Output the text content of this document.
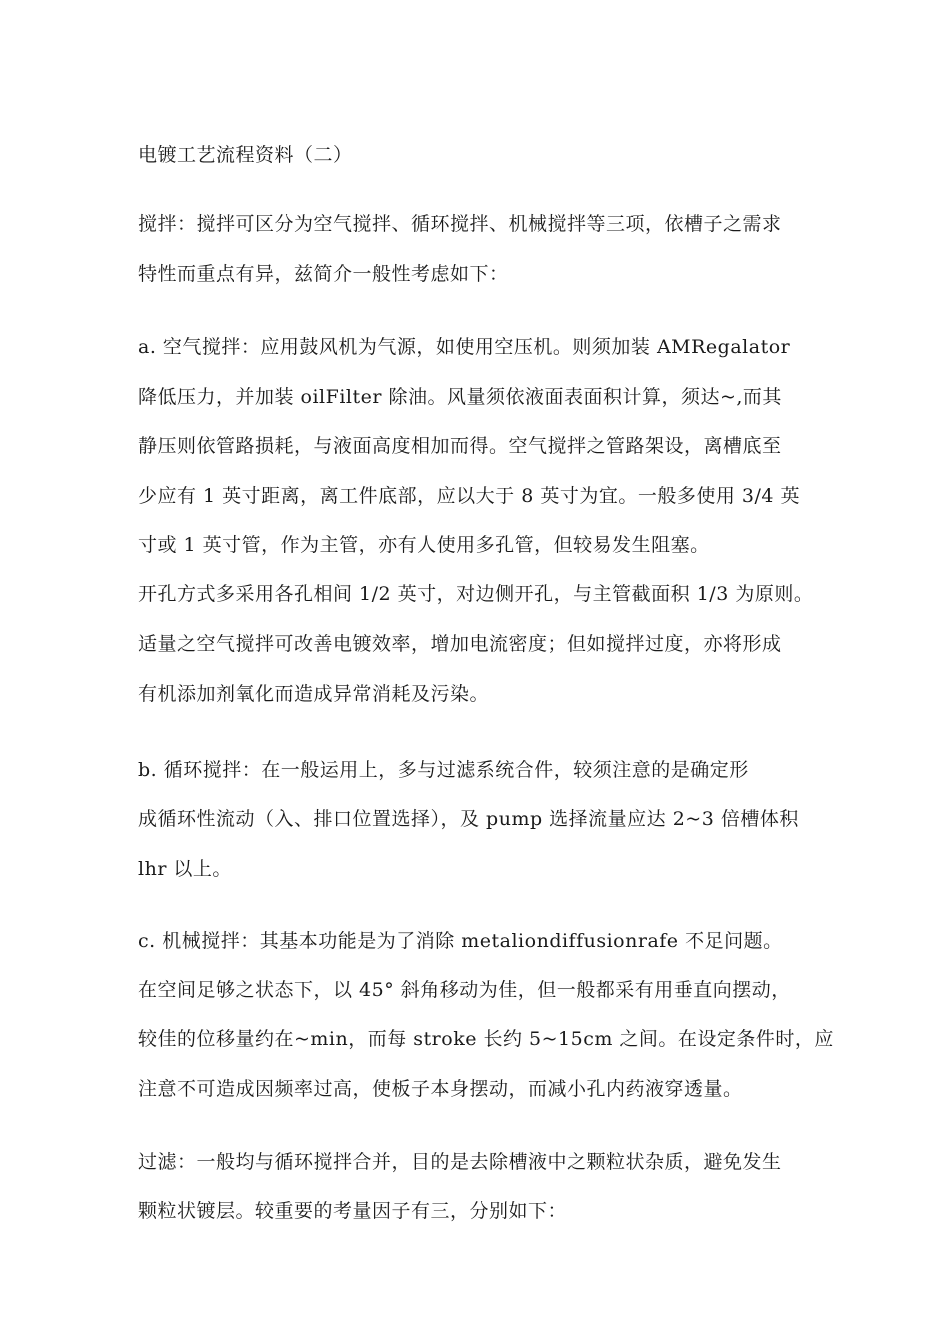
电镀工艺流程资料（二）
搅拌：搅拌可区分为空气搅拌、循环搅拌、机械搅拌等三项，依槽子之需求
特性而重点有异，兹简介一般性考虑如下：
a. 空气搅拌：应用鼓风机为气源，如使用空压机。则须加装 AMRegalator
降低压力，并加装 oilFilter 除油。风量须依液面表面积计算，须达~,而其
静压则依管路损耗，与液面高度相加而得。空气搅拌之管路架设，离槽底至
少应有 1 英寸距离，离工件底部，应以大于 8 英寸为宜。一般多使用 3/4 英
寸或 1 英寸管，作为主管，亦有人使用多孔管，但较易发生阻塞。
开孔方式多采用各孔相间 1/2 英寸，对边侧开孔，与主管截面积 1/3 为原则。
适量之空气搅拌可改善电镀效率，增加电流密度；但如搅拌过度，亦将形成
有机添加剂氧化而造成异常消耗及污染。
b. 循环搅拌：在一般运用上，多与过滤系统合件，较须注意的是确定形
成循环性流动（入、排口位置选择），及 pump 选择流量应达 2~3 倍槽体积
lhr 以上。
c. 机械搅拌：其基本功能是为了消除 metaliondiffusionrafe 不足问题。
在空间足够之状态下，以 45° 斜角移动为佳，但一般都采有用垂直向摆动，
较佳的位移量约在~min，而每 stroke 长约 5~15cm 之间。在设定条件时，应
注意不可造成因频率过高，使板子本身摆动，而减小孔内药液穿透量。
过滤：一般均与循环搅拌合并，目的是去除槽液中之颗粒状杂质，避免发生
颗粒状镀层。较重要的考量因子有三，分别如下：
